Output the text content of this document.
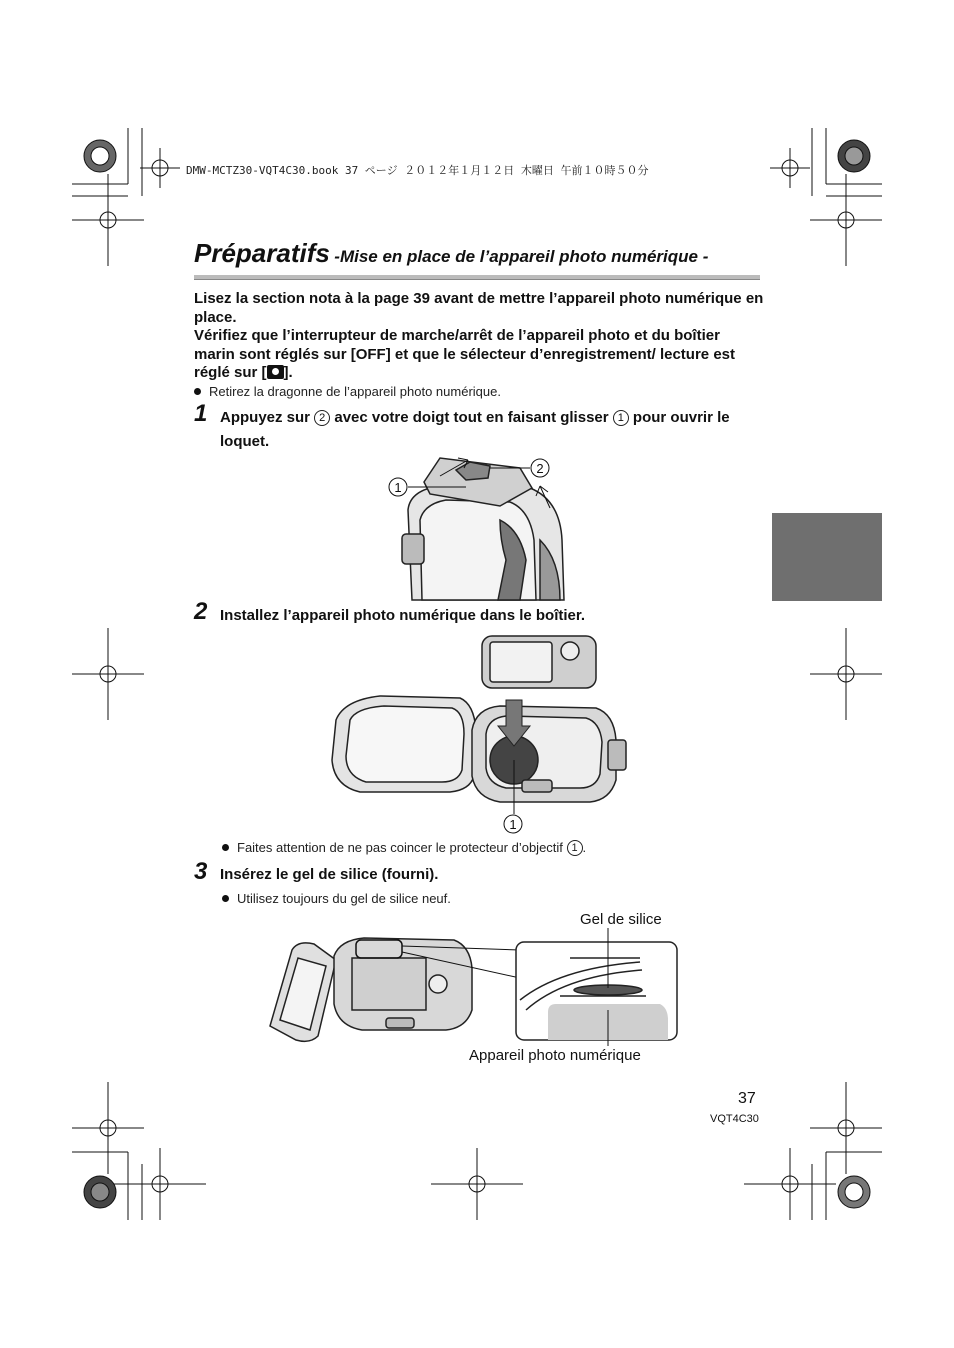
DMW-MCTZ30-VQT4C30.book 37 ページ ２０１２年１月１２日 木曜日 午前１０時５０分
Préparatifs -Mise en place de l’appareil photo numérique -
Lisez la section nota à la page 39 avant de mettre l’appareil photo numérique en place.
Vérifiez que l’interrupteur de marche/arrêt de l’appareil photo et du boîtier marin sont réglés sur [OFF] et que le sélecteur d’enregistrement/ lecture est réglé sur [ ].
Retirez la dragonne de l’appareil photo numérique.
1 Appuyez sur 2 avec votre doigt tout en faisant glisser 1 pour ouvrir le loquet.
1
2
2 Installez l’appareil photo numérique dans le boîtier.
1
Faites attention de ne pas coincer le protecteur d’objectif 1 .
3 Insérez le gel de silice (fourni).
Utilisez toujours du gel de silice neuf.
Gel de silice
Appareil photo numérique
37
VQT4C30
